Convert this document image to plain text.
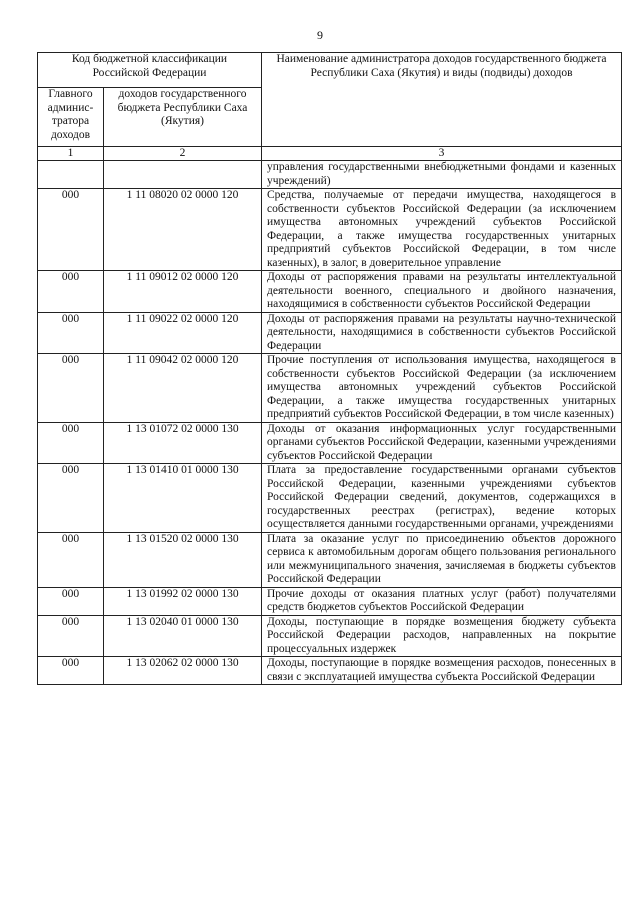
9
Код бюджетной классификации Российской Федерации		Наименование администратора доходов государственного бюджета Республики Саха (Якутия) и виды (подвиды) доходов
Главного админис-тратора доходов	доходов государственного бюджета Республики Саха (Якутия)	
1	2	3
		управления государственными внебюджетными фондами и казенных учреждений)
000	1 11 08020 02 0000 120	Средства, получаемые от передачи имущества, находящегося в собственности субъектов Российской Федерации (за исключением имущества автономных учреждений субъектов Российской Федерации, а также имущества государственных унитарных предприятий субъектов Российской Федерации, в том числе казенных), в залог, в доверительное управление
000	1 11 09012 02 0000 120	Доходы от распоряжения правами на результаты интеллектуальной деятельности военного, специального и двойного назначения, находящимися в собственности субъектов Российской Федерации
000	1 11 09022 02 0000 120	Доходы от распоряжения правами на результаты научно-технической деятельности, находящимися в собственности субъектов Российской Федерации
000	1 11 09042 02 0000 120	Прочие поступления от использования имущества, находящегося в собственности субъектов Российской Федерации (за исключением имущества автономных учреждений субъектов Российской Федерации, а также имущества государственных унитарных предприятий субъектов Российской Федерации, в том числе казенных)
000	1 13 01072 02 0000 130	Доходы от оказания информационных услуг государственными органами субъектов Российской Федерации, казенными учреждениями субъектов Российской Федерации
000	1 13 01410 01 0000 130	Плата за предоставление государственными органами субъектов Российской Федерации, казенными учреждениями субъектов Российской Федерации сведений, документов, содержащихся в государственных реестрах (регистрах), ведение которых осуществляется данными государственными органами, учреждениями
000	1 13 01520 02 0000 130	Плата за оказание услуг по присоединению объектов дорожного сервиса к автомобильным дорогам общего пользования регионального или межмуниципального значения, зачисляемая в бюджеты субъектов Российской Федерации
000	1 13 01992 02 0000 130	Прочие доходы от оказания платных услуг (работ) получателями средств бюджетов субъектов Российской Федерации
000	1 13 02040 01 0000 130	Доходы, поступающие в порядке возмещения бюджету субъекта Российской Федерации расходов, направленных на покрытие процессуальных издержек
000	1 13 02062 02 0000 130	Доходы, поступающие в порядке возмещения расходов, понесенных в связи с эксплуатацией имущества субъекта Российской Федерации
